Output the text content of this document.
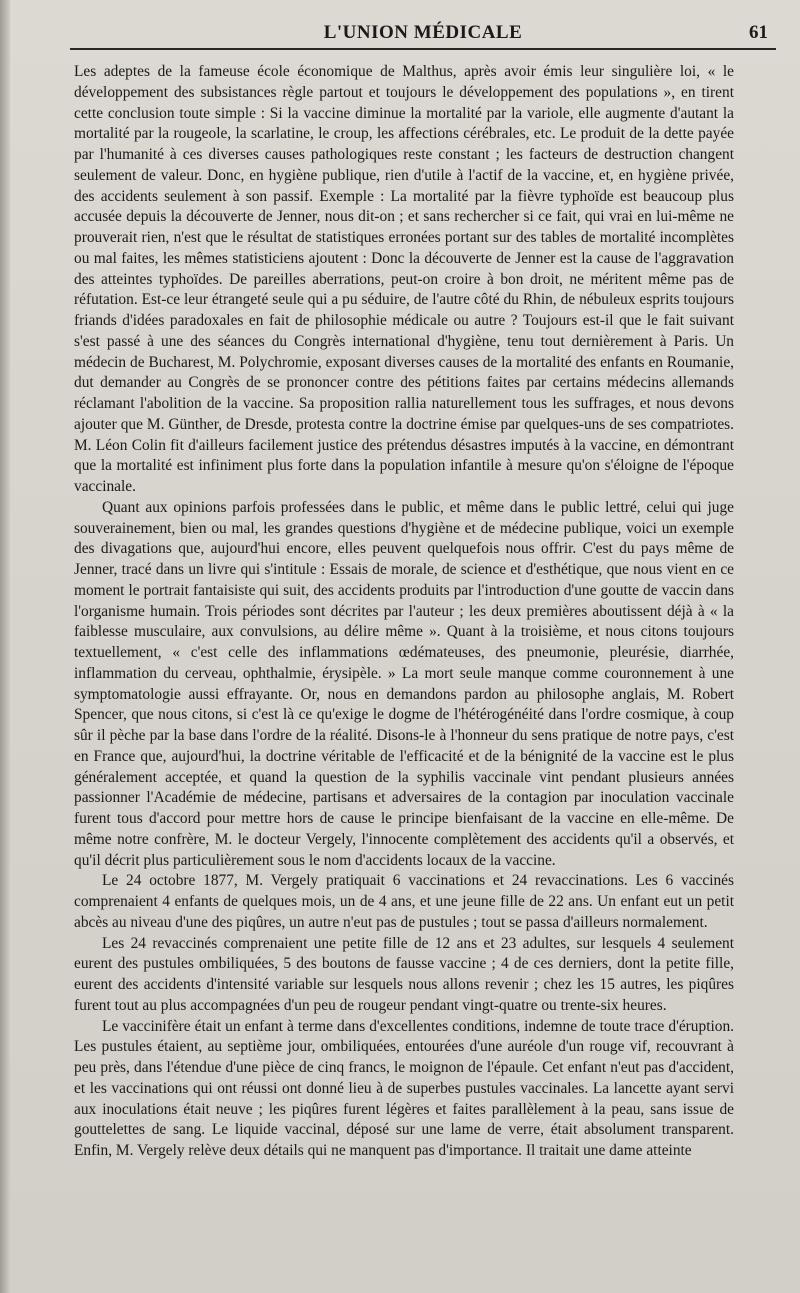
L'UNION MÉDICALE	61

Les adeptes de la fameuse école économique de Malthus, après avoir émis leur singulière loi, « le développement des subsistances règle partout et toujours le développement des populations », en tirent cette conclusion toute simple : Si la vaccine diminue la mortalité par la variole, elle augmente d'autant la mortalité par la rougeole, la scarlatine, le croup, les affections cérébrales, etc. Le produit de la dette payée par l'humanité à ces diverses causes pathologiques reste constant ; les facteurs de destruction changent seulement de valeur. Donc, en hygiène publique, rien d'utile à l'actif de la vaccine, et, en hygiène privée, des accidents seulement à son passif. Exemple : La mortalité par la fièvre typhoïde est beaucoup plus accusée depuis la découverte de Jenner, nous dit-on ; et sans rechercher si ce fait, qui vrai en lui-même ne prouverait rien, n'est que le résultat de statistiques erronées portant sur des tables de mortalité incomplètes ou mal faites, les mêmes statisticiens ajoutent : Donc la découverte de Jenner est la cause de l'aggravation des atteintes typhoïdes. De pareilles aberrations, peut-on croire à bon droit, ne méritent même pas de réfutation. Est-ce leur étrangeté seule qui a pu séduire, de l'autre côté du Rhin, de nébuleux esprits toujours friands d'idées paradoxales en fait de philosophie médicale ou autre ? Toujours est-il que le fait suivant s'est passé à une des séances du Congrès international d'hygiène, tenu tout dernièrement à Paris. Un médecin de Bucharest, M. Polychromie, exposant diverses causes de la mortalité des enfants en Roumanie, dut demander au Congrès de se prononcer contre des pétitions faites par certains médecins allemands réclamant l'abolition de la vaccine. Sa proposition rallia naturellement tous les suffrages, et nous devons ajouter que M. Günther, de Dresde, protesta contre la doctrine émise par quelques-uns de ses compatriotes. M. Léon Colin fit d'ailleurs facilement justice des prétendus désastres imputés à la vaccine, en démontrant que la mortalité est infiniment plus forte dans la population infantile à mesure qu'on s'éloigne de l'époque vaccinale.

Quant aux opinions parfois professées dans le public, et même dans le public lettré, celui qui juge souverainement, bien ou mal, les grandes questions d'hygiène et de médecine publique, voici un exemple des divagations que, aujourd'hui encore, elles peuvent quelquefois nous offrir. C'est du pays même de Jenner, tracé dans un livre qui s'intitule : Essais de morale, de science et d'esthétique, que nous vient en ce moment le portrait fantaisiste qui suit, des accidents produits par l'introduction d'une goutte de vaccin dans l'organisme humain. Trois périodes sont décrites par l'auteur ; les deux premières aboutissent déjà à « la faiblesse musculaire, aux convulsions, au délire même ». Quant à la troisième, et nous citons toujours textuellement, « c'est celle des inflammations œdémateuses, des pneumonie, pleurésie, diarrhée, inflammation du cerveau, ophthalmie, érysipèle. » La mort seule manque comme couronnement à une symptomatologie aussi effrayante. Or, nous en demandons pardon au philosophe anglais, M. Robert Spencer, que nous citons, si c'est là ce qu'exige le dogme de l'hétérogénéité dans l'ordre cosmique, à coup sûr il pèche par la base dans l'ordre de la réalité. Disons-le à l'honneur du sens pratique de notre pays, c'est en France que, aujourd'hui, la doctrine véritable de l'efficacité et de la bénignité de la vaccine est le plus généralement acceptée, et quand la question de la syphilis vaccinale vint pendant plusieurs années passionner l'Académie de médecine, partisans et adversaires de la contagion par inoculation vaccinale furent tous d'accord pour mettre hors de cause le principe bienfaisant de la vaccine en elle-même. De même notre confrère, M. le docteur Vergely, l'innocente complètement des accidents qu'il a observés, et qu'il décrit plus particulièrement sous le nom d'accidents locaux de la vaccine.

Le 24 octobre 1877, M. Vergely pratiquait 6 vaccinations et 24 revaccinations. Les 6 vaccinés comprenaient 4 enfants de quelques mois, un de 4 ans, et une jeune fille de 22 ans. Un enfant eut un petit abcès au niveau d'une des piqûres, un autre n'eut pas de pustules ; tout se passa d'ailleurs normalement.

Les 24 revaccinés comprenaient une petite fille de 12 ans et 23 adultes, sur lesquels 4 seulement eurent des pustules ombiliquées, 5 des boutons de fausse vaccine ; 4 de ces derniers, dont la petite fille, eurent des accidents d'intensité variable sur lesquels nous allons revenir ; chez les 15 autres, les piqûres furent tout au plus accompagnées d'un peu de rougeur pendant vingt-quatre ou trente-six heures.

Le vaccinifère était un enfant à terme dans d'excellentes conditions, indemne de toute trace d'éruption. Les pustules étaient, au septième jour, ombiliquées, entourées d'une auréole d'un rouge vif, recouvrant à peu près, dans l'étendue d'une pièce de cinq francs, le moignon de l'épaule. Cet enfant n'eut pas d'accident, et les vaccinations qui ont réussi ont donné lieu à de superbes pustules vaccinales. La lancette ayant servi aux inoculations était neuve ; les piqûres furent légères et faites parallèlement à la peau, sans issue de gouttelettes de sang. Le liquide vaccinal, déposé sur une lame de verre, était absolument transparent. Enfin, M. Vergely relève deux détails qui ne manquent pas d'importance. Il traitait une dame atteinte
